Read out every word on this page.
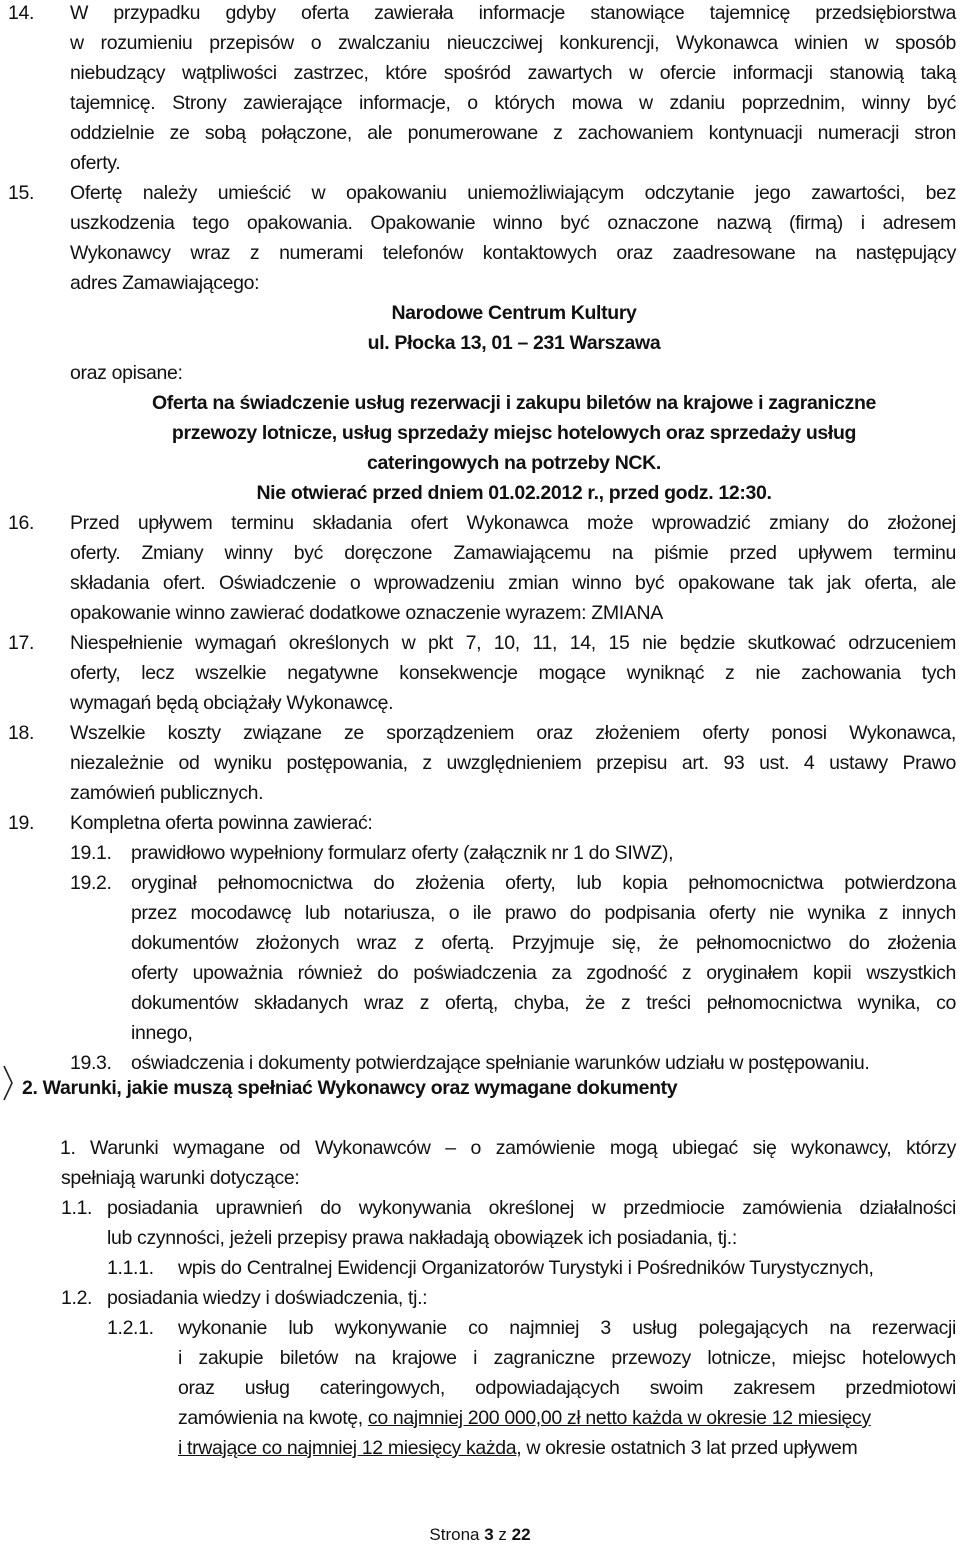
14. W przypadku gdyby oferta zawierała informacje stanowiące tajemnicę przedsiębiorstwa
w rozumieniu przepisów o zwalczaniu nieuczciwej konkurencji, Wykonawca winien w sposób
niebudzący wątpliwości zastrzec, które spośród zawartych w ofercie informacji stanowią taką
tajemnicę. Strony zawierające informacje, o których mowa w zdaniu poprzednim, winny być
oddzielnie ze sobą połączone, ale ponumerowane z zachowaniem kontynuacji numeracji stron
oferty.
15. Ofertę należy umieścić w opakowaniu uniemożliwiającym odczytanie jego zawartości, bez
uszkodzenia tego opakowania. Opakowanie winno być oznaczone nazwą (firmą) i adresem
Wykonawcy wraz z numerami telefonów kontaktowych oraz zaadresowane na następujący
adres Zamawiającego:
Narodowe Centrum Kultury
ul. Płocka 13, 01 – 231 Warszawa
oraz opisane:
Oferta na świadczenie usług rezerwacji i zakupu biletów na krajowe i zagraniczne
przewozy lotnicze, usług sprzedaży miejsc hotelowych oraz sprzedaży usług
cateringowych na potrzeby NCK.
Nie otwierać przed dniem 01.02.2012 r., przed godz. 12:30.
16. Przed upływem terminu składania ofert Wykonawca może wprowadzić zmiany do złożonej
oferty. Zmiany winny być doręczone Zamawiającemu na piśmie przed upływem terminu
składania ofert. Oświadczenie o wprowadzeniu zmian winno być opakowane tak jak oferta, ale
opakowanie winno zawierać dodatkowe oznaczenie wyrazem: ZMIANA
17. Niespełnienie wymagań określonych w pkt 7, 10, 11, 14, 15 nie będzie skutkować odrzuceniem
oferty, lecz wszelkie negatywne konsekwencje mogące wyniknąć z nie zachowania tych
wymagań będą obciążały Wykonawcę.
18. Wszelkie koszty związane ze sporządzeniem oraz złożeniem oferty ponosi Wykonawca,
niezależnie od wyniku postępowania, z uwzględnieniem przepisu art. 93 ust. 4 ustawy Prawo
zamówień publicznych.
19. Kompletna oferta powinna zawierać:
19.1. prawidłowo wypełniony formularz oferty (załącznik nr 1 do SIWZ),
19.2. oryginał pełnomocnictwa do złożenia oferty, lub kopia pełnomocnictwa potwierdzona
przez mocodawcę lub notariusza, o ile prawo do podpisania oferty nie wynika z innych
dokumentów złożonych wraz z ofertą. Przyjmuje się, że pełnomocnictwo do złożenia
oferty upoważnia również do poświadczenia za zgodność z oryginałem kopii wszystkich
dokumentów składanych wraz z ofertą, chyba, że z treści pełnomocnictwa wynika, co
innego,
19.3. oświadczenia i dokumenty potwierdzające spełnianie warunków udziału w postępowaniu.
2. Warunki, jakie muszą spełniać Wykonawcy oraz wymagane dokumenty
1. Warunki wymagane od Wykonawców – o zamówienie mogą ubiegać się wykonawcy, którzy
spełniają warunki dotyczące:
1.1. posiadania uprawnień do wykonywania określonej w przedmiocie zamówienia działalności
lub czynności, jeżeli przepisy prawa nakładają obowiązek ich posiadania, tj.:
1.1.1. wpis do Centralnej Ewidencji Organizatorów Turystyki i Pośredników Turystycznych,
1.2. posiadania wiedzy i doświadczenia, tj.:
1.2.1. wykonanie lub wykonywanie co najmniej 3 usług polegających na rezerwacji
i zakupie biletów na krajowe i zagraniczne przewozy lotnicze, miejsc hotelowych
oraz usług cateringowych, odpowiadających swoim zakresem przedmiotowi
zamówienia na kwotę, co najmniej 200 000,00 zł netto każda w okresie 12 miesięcy
i trwające co najmniej 12 miesięcy każda, w okresie ostatnich 3 lat przed upływem
Strona 3 z 22
